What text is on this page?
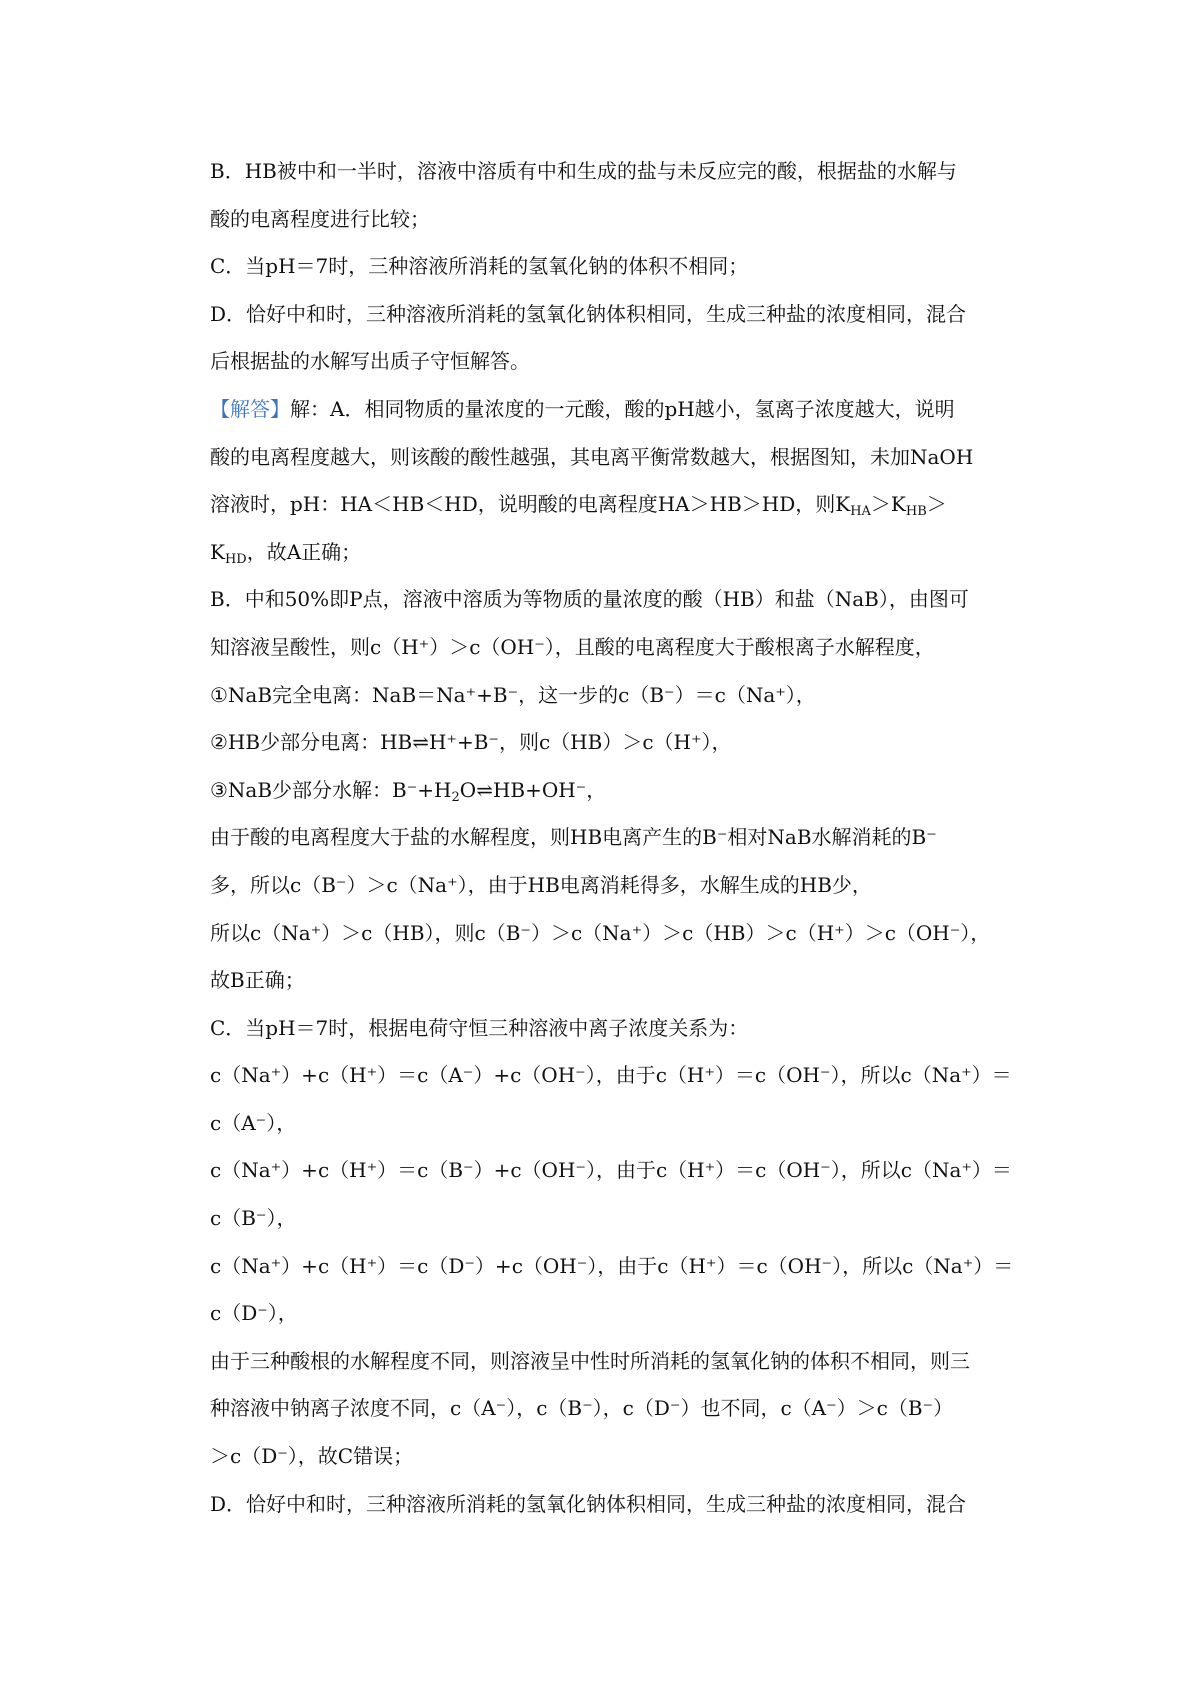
B．HB被中和一半时，溶液中溶质有中和生成的盐与未反应完的酸，根据盐的水解与
酸的电离程度进行比较；
C．当pH＝7时，三种溶液所消耗的氢氧化钠的体积不相同；
D．恰好中和时，三种溶液所消耗的氢氧化钠体积相同，生成三种盐的浓度相同，混合
后根据盐的水解写出质子守恒解答。
【解答】解：A．相同物质的量浓度的一元酸，酸的pH越小，氢离子浓度越大，说明
酸的电离程度越大，则该酸的酸性越强，其电离平衡常数越大，根据图知，未加NaOH
溶液时，pH：HA＜HB＜HD，说明酸的电离程度HA＞HB＞HD，则$K_{HA}>K_{HB}>$
$K_{HD}$，故A正确；
B．中和50%即P点，溶液中溶质为等物质的量浓度的酸（HB）和盐（NaB），由图可
知溶液呈酸性，则c（H⁺）＞c（OH⁻），且酸的电离程度大于酸根离子水解程度，
①NaB完全电离：NaB＝Na⁺+B⁻，这一步的c（B⁻）＝c（Na⁺），
②HB少部分电离：HB⇌H⁺+B⁻，则c（HB）＞c（H⁺），
③NaB少部分水解：$B^-+H_2O\rightleftharpoons HB+OH^-$，
由于酸的电离程度大于盐的水解程度，则HB电离产生的B⁻相对NaB水解消耗的B⁻
多，所以c（B⁻）＞c（Na⁺），由于HB电离消耗得多，水解生成的HB少，
所以c（Na⁺）＞c（HB），则c（B⁻）＞c（Na⁺）＞c（HB）＞c（H⁺）＞c（OH⁻），
故B正确；
C．当pH＝7时，根据电荷守恒三种溶液中离子浓度关系为：
c（Na⁺）+c（H⁺）＝c（A⁻）+c（OH⁻），由于c（H⁺）＝c（OH⁻），所以c（Na⁺）＝
c（A⁻），
c（Na⁺）+c（H⁺）＝c（B⁻）+c（OH⁻），由于c（H⁺）＝c（OH⁻），所以c（Na⁺）＝
c（B⁻），
c（Na⁺）+c（H⁺）＝c（D⁻）+c（OH⁻），由于c（H⁺）＝c（OH⁻），所以c（Na⁺）＝
c（D⁻），
由于三种酸根的水解程度不同，则溶液呈中性时所消耗的氢氧化钠的体积不相同，则三
种溶液中钠离子浓度不同，c（A⁻），c（B⁻），c（D⁻）也不同，c（A⁻）＞c（B⁻）
＞c（D⁻），故C错误；
D．恰好中和时，三种溶液所消耗的氢氧化钠体积相同，生成三种盐的浓度相同，混合
